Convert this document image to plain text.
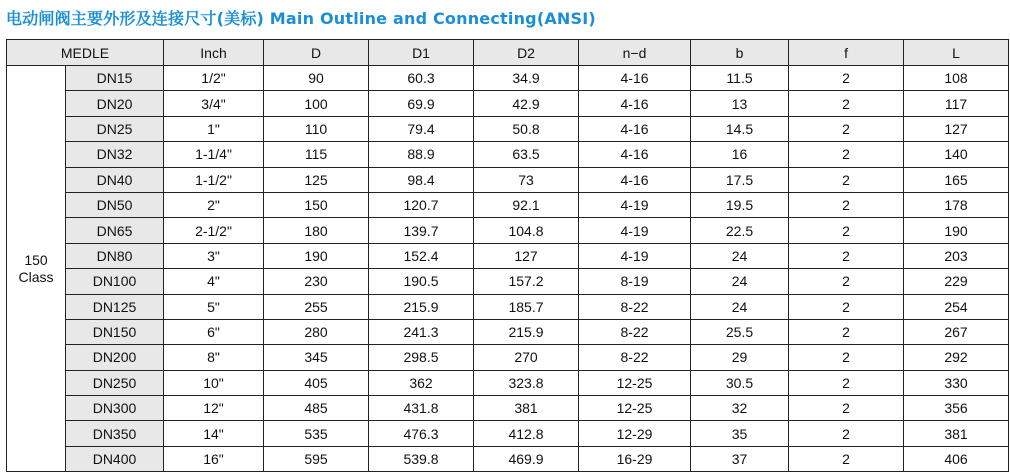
电动闸阀主要外形及连接尺寸(美标) Main Outline and Connecting(ANSI)
MEDLE		Inch	D	D1	D2	n−d	b	f	L

150
Class	DN15	1/2"	90	60.3	34.9	4-16	11.5	2	108
	DN20	3/4"	100	69.9	42.9	4-16	13	2	117
	DN25	1"	110	79.4	50.8	4-16	14.5	2	127
	DN32	1-1/4"	115	88.9	63.5	4-16	16	2	140
	DN40	1-1/2"	125	98.4	73	4-16	17.5	2	165
	DN50	2"	150	120.7	92.1	4-19	19.5	2	178
	DN65	2-1/2"	180	139.7	104.8	4-19	22.5	2	190
	DN80	3"	190	152.4	127	4-19	24	2	203
	DN100	4"	230	190.5	157.2	8-19	24	2	229
	DN125	5"	255	215.9	185.7	8-22	24	2	254
	DN150	6"	280	241.3	215.9	8-22	25.5	2	267
	DN200	8"	345	298.5	270	8-22	29	2	292
	DN250	10"	405	362	323.8	12-25	30.5	2	330
	DN300	12"	485	431.8	381	12-25	32	2	356
	DN350	14"	535	476.3	412.8	12-29	35	2	381
	DN400	16"	595	539.8	469.9	16-29	37	2	406
